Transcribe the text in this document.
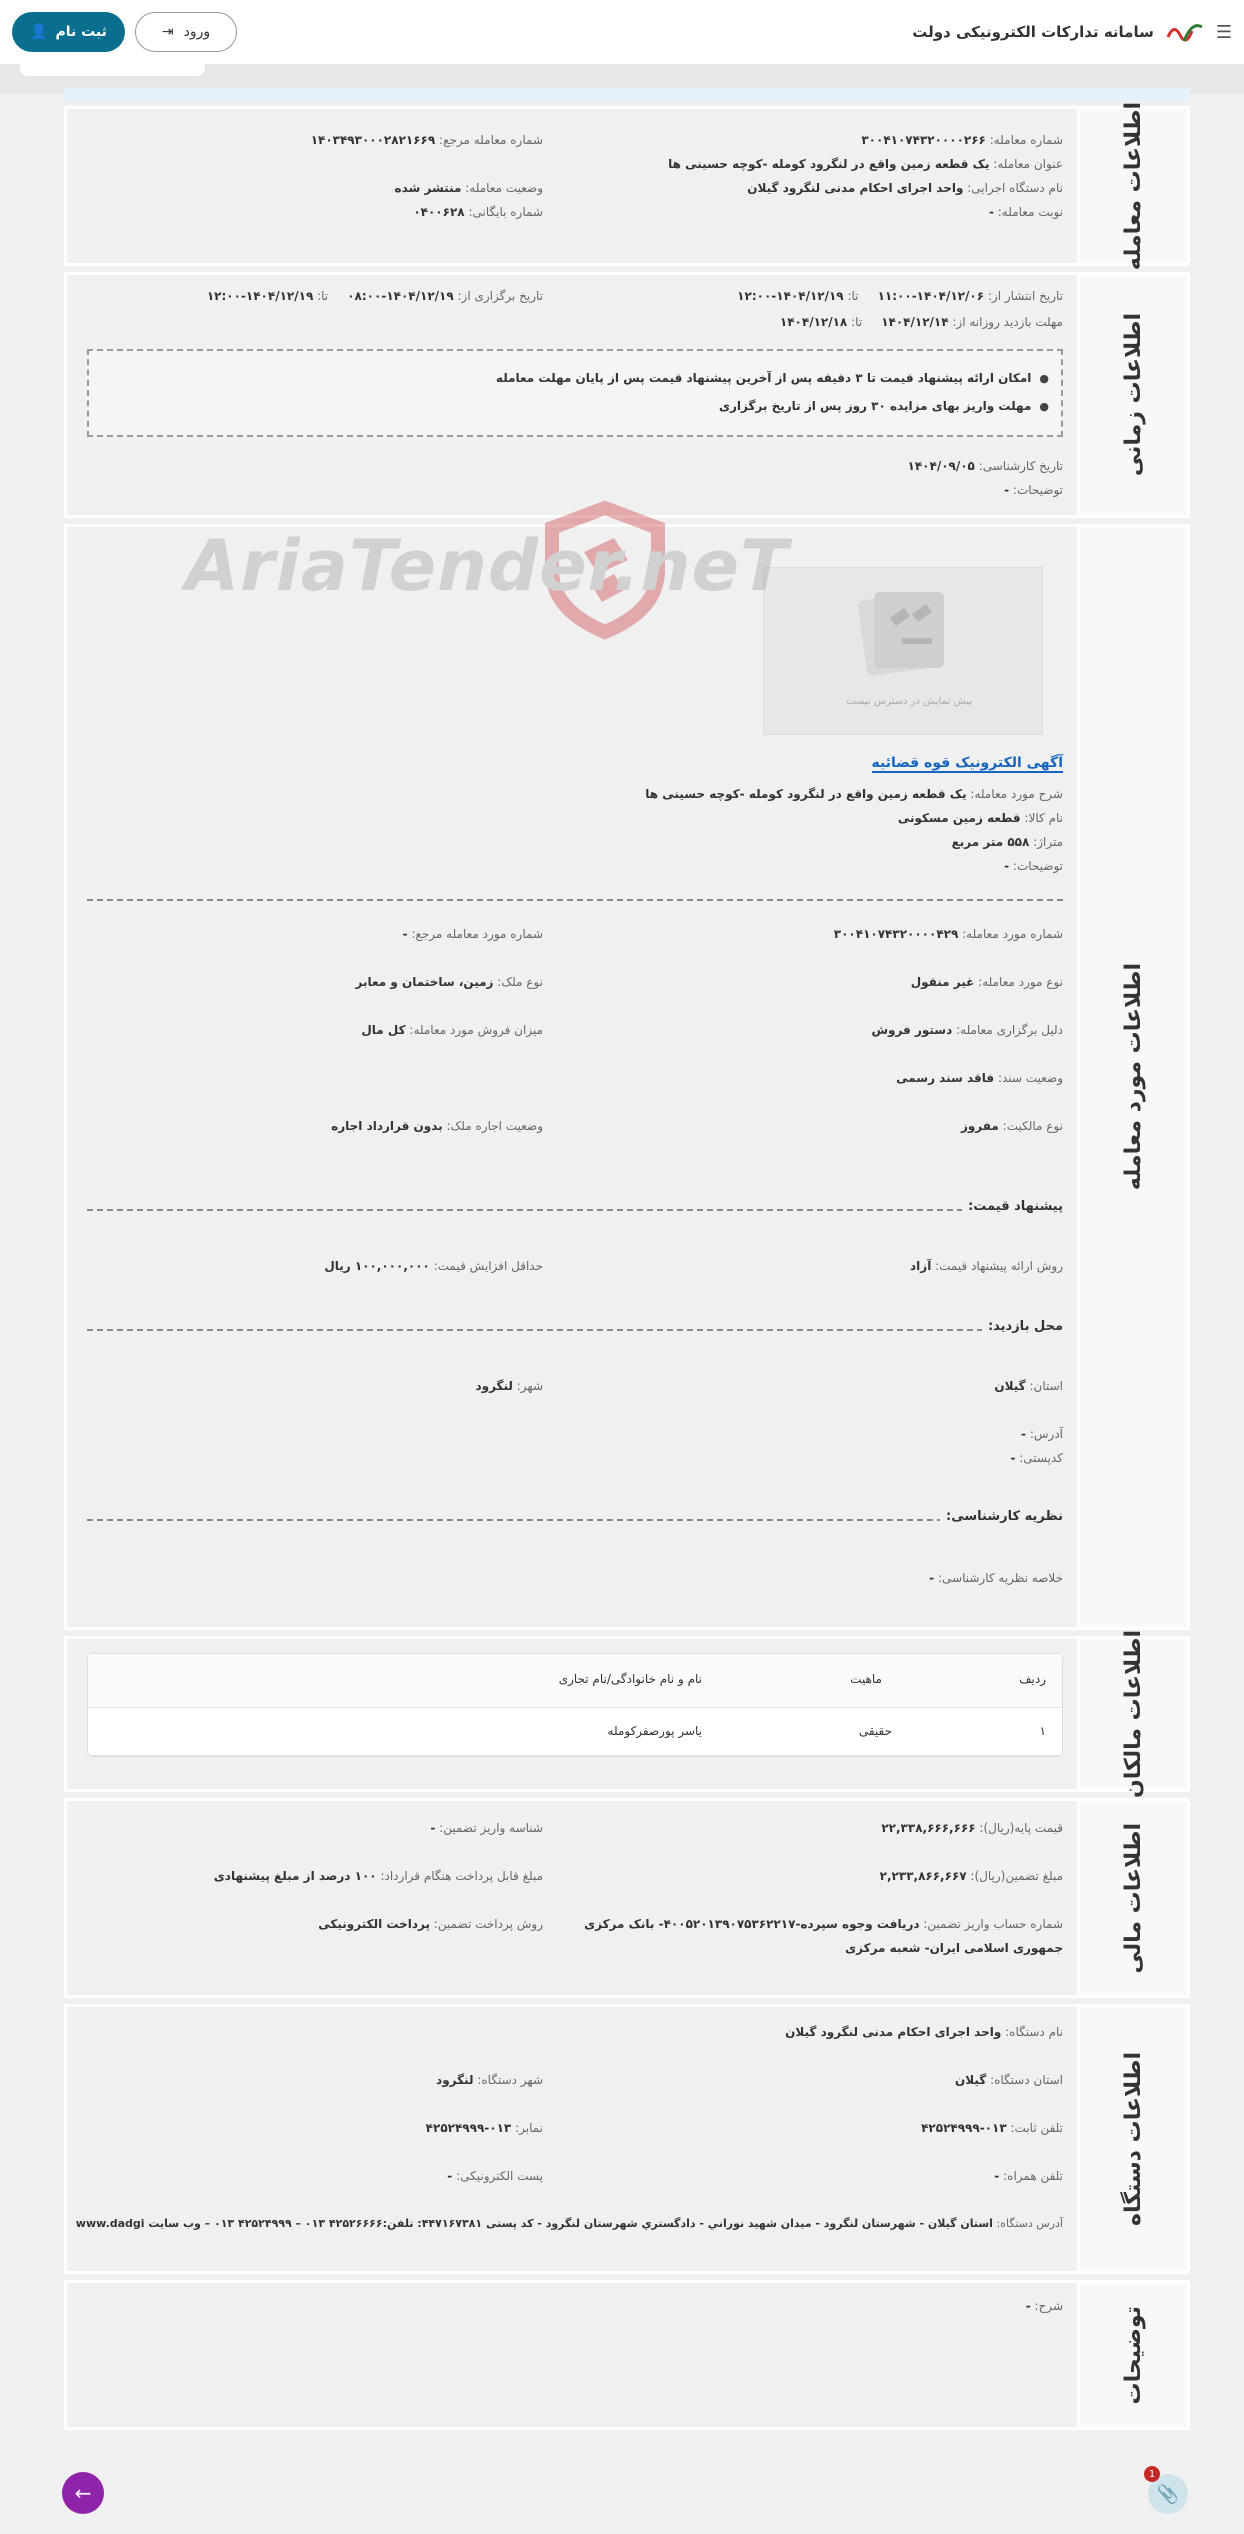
☰
سامانه تدارکات الکترونیکی دولت
ورود
⇥
ثبت نام
👤
اطلاعات معامله
شماره معامله: ۳۰۰۴۱۰۷۴۳۲۰۰۰۰۲۶۶
شماره معامله مرجع: ۱۴۰۳۴۹۳۰۰۰۲۸۲۱۶۶۹
عنوان معامله: یک قطعه زمین واقع در لنگرود کومله -کوچه حسینی ها
نام دستگاه اجرایی: واحد اجرای احکام مدنی لنگرود گیلان
وضعیت معامله: منتشر شده
نوبت معامله: -
شماره بایگانی: ۰۴۰۰۶۲۸
اطلاعات زمانی
تاریخ انتشار از: ۱۴۰۴/۱۲/۰۶-۱۱:۰۰     تا: ۱۴۰۴/۱۲/۱۹-۱۲:۰۰
تاریخ برگزاری از: ۱۴۰۴/۱۲/۱۹-۰۸:۰۰     تا: ۱۴۰۴/۱۲/۱۹-۱۲:۰۰
مهلت بازدید روزانه از: ۱۴۰۴/۱۲/۱۴     تا: ۱۴۰۴/۱۲/۱۸
● امکان ارائه پیشنهاد قیمت تا ۳ دقیقه پس از آخرین پیشنهاد قیمت پس از پایان مهلت معامله
● مهلت واریز بهای مزایده ۳۰ روز پس از تاریخ برگزاری
تاریخ کارشناسی: ۱۴۰۴/۰۹/۰۵
توضیحات: -
اطلاعات مورد معامله
پیش نمایش در دسترس نیست
آگهی الکترونیک قوه قضائیه
شرح مورد معامله: یک قطعه زمین واقع در لنگرود کومله -کوچه حسینی ها
نام کالا: قطعه زمین مسکونی
متراژ: ۵۵۸ متر مربع
توضیحات: -
شماره مورد معامله: ۳۰۰۴۱۰۷۴۳۲۰۰۰۰۴۲۹
شماره مورد معامله مرجع: -
نوع مورد معامله: غیر منقول
نوع ملک: زمین، ساختمان و معابر
دلیل برگزاری معامله: دستور فروش
میزان فروش مورد معامله: کل مال
وضعیت سند: فاقد سند رسمی
نوع مالکیت: مفروز
وضعیت اجاره ملک: بدون قرارداد اجاره
پیشنهاد قیمت:
روش ارائه پیشنهاد قیمت: آزاد
حداقل افزایش قیمت: ۱۰۰,۰۰۰,۰۰۰ ریال
محل بازدید:
استان: گیلان
شهر: لنگرود
آدرس: -
کدپستی: -
نظریه کارشناسی:
خلاصه نظریه کارشناسی: -
AriaTender.neT
اطلاعات مالکان
ردیف
ماهیت
نام و نام خانوادگی/نام تجاری
۱
حقیقی
یاسر پورصفرکومله
اطلاعات مالی
قیمت پایه(ریال): ۲۲,۳۳۸,۶۶۶,۶۶۶
شناسه واریز تضمین: -
مبلغ تضمین(ریال): ۲,۲۳۳,۸۶۶,۶۶۷
مبلغ قابل پرداخت هنگام قرارداد: ۱۰۰ درصد از مبلغ پیشنهادی
شماره حساب واریز تضمین: دریافت وجوه سپرده-۴۰۰۵۲۰۱۳۹۰۷۵۳۶۲۲۱۷- بانک مرکزی
جمهوری اسلامی ایران- شعبه مرکزی
روش پرداخت تضمین: پرداخت الکترونیکی
اطلاعات دستگاه
نام دستگاه: واحد اجرای احکام مدنی لنگرود گیلان
استان دستگاه: گیلان
شهر دستگاه: لنگرود
تلفن ثابت: ۰۱۳-۴۲۵۲۴۹۹۹
نمابر: ۰۱۳-۴۲۵۲۴۹۹۹
تلفن همراه: -
پست الکترونیکی: -
آدرس دستگاه: استان گیلان - شهرستان لنگرود - میدان شهید نوراني - دادگستري شهرستان لنگرود - کد پستی ۴۴۷۱۶۷۳۸۱: تلفن:۴۲۵۲۶۶۶۶ ۰۱۳ – ۴۲۵۲۴۹۹۹ ۰۱۳ – وب سایت www.dadgi
توضیحات
شرح: -
←	📎
1
